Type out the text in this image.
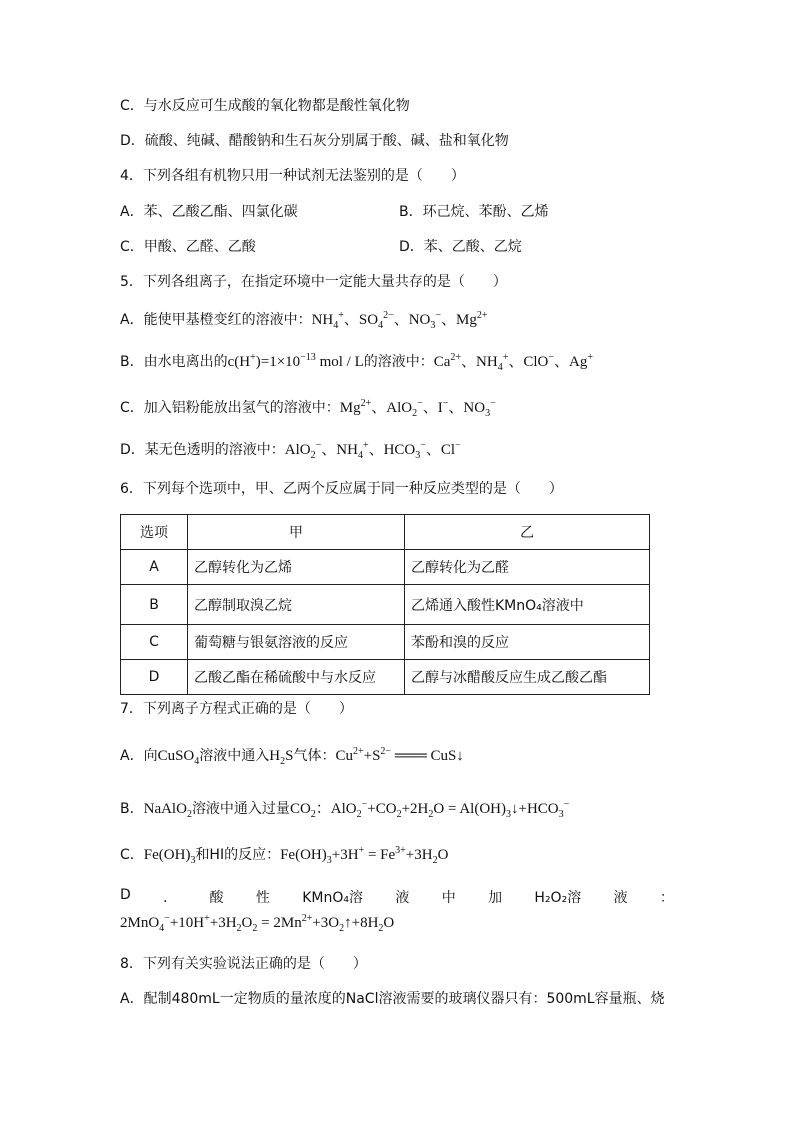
C．与水反应可生成酸的氧化物都是酸性氧化物
D．硫酸、纯碱、醋酸钠和生石灰分别属于酸、碱、盐和氧化物
4．下列各组有机物只用一种试剂无法鉴别的是（　　）
A．苯、乙酸乙酯、四氯化碳	B．环己烷、苯酚、乙烯
C．甲酸、乙醛、乙酸	D．苯、乙酸、乙烷
5．下列各组离子，在指定环境中一定能大量共存的是（　　）
A．能使甲基橙变红的溶液中：$NH_4^+$、$SO_4^{2-}$、$NO_3^-$、$Mg^{2+}$
B．由水电离出的$c(H^+)=1\times 10^{-13}$ mol / L的溶液中：$Ca^{2+}$、$NH_4^+$、ClO−、Ag+
C．加入铝粉能放出氢气的溶液中：$Mg^{2+}$、AlO$_2$−、I−、$NO_3^-$
D．某无色透明的溶液中：AlO$_2$−、$NH_4^+$、$HCO_3^-$、Cl−
6．下列每个选项中，甲、乙两个反应属于同一种反应类型的是（　　）
选项	甲	乙
A	乙醇转化为乙烯	乙醇转化为乙醛
B	乙醇制取溴乙烷	乙烯通入酸性KMnO₄溶液中
C	葡萄糖与银氨溶液的反应	苯酚和溴的反应
D	乙酸乙酯在稀硫酸中与水反应	乙醇与冰醋酸反应生成乙酸乙酯
7．下列离子方程式正确的是（　　）
A．向CuSO$_4$溶液中通入$H_2S$气体：$Cu^{2+}+S^{2-}$ ═══ CuS↓
B．NaAlO$_2$溶液中通入过量$CO_2$：$AlO_2^-+CO_2+2H_2O$ = $Al(OH)_3↓+HCO_3^-$
C．$Fe(OH)_3$和HI的反应：$Fe(OH)_3+3H^+ = Fe^{3+}+3H_2O$
D ． 酸 性 KMnO₄溶 液 中 加 H₂O₂溶 液 ：
$2MnO_4^-+10H^++3H_2O_2$ = $2Mn^{2+}+3O_2↑+8H_2O$
8．下列有关实验说法正确的是（　　）
A．配制480mL一定物质的量浓度的NaCl溶液需要的玻璃仪器只有：500mL容量瓶、烧
